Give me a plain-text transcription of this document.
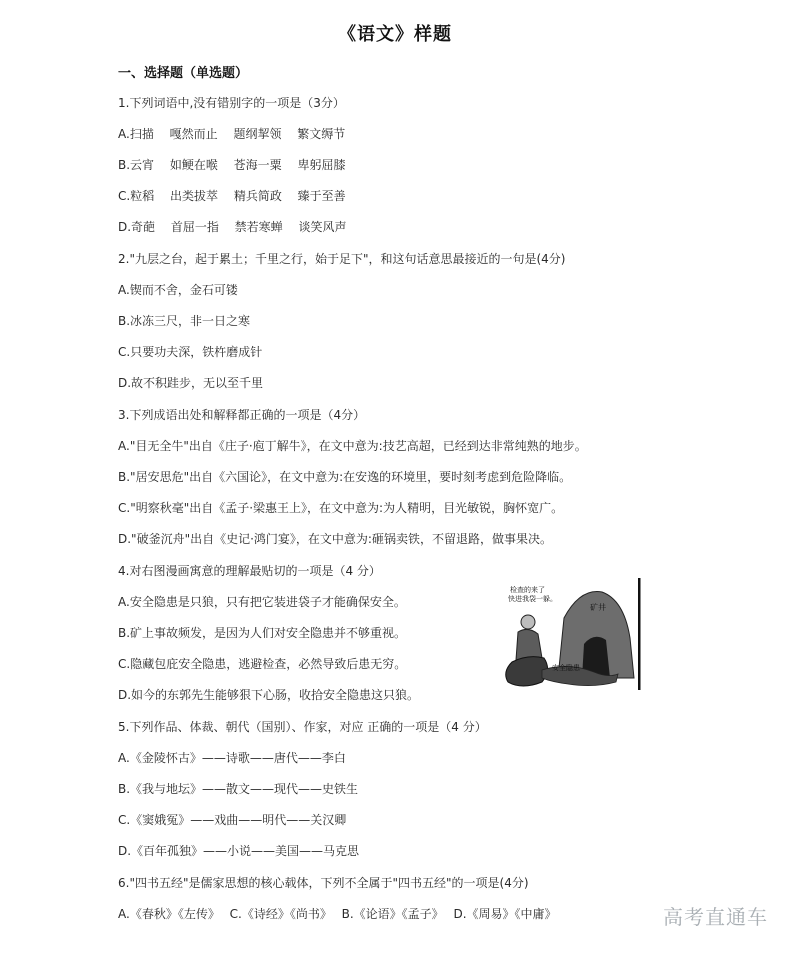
《语文》样题
一、选择题（单选题）
1.下列词语中,没有错别字的一项是（3分）
A.扫描　 嘎然而止　 题纲挈领　 繁文缛节
B.云宵　 如鲠在喉　 苍海一粟　 卑躬屈膝
C.粒稻　 出类拔萃　 精兵简政　 臻于至善
D.奇葩　 首屈一指　 禁若寒蝉　 谈笑风声
2."九层之台，起于累土；千里之行，始于足下"，和这句话意思最接近的一句是(4分)
A.锲而不舍，金石可镂
B.冰冻三尺，非一日之寒
C.只要功夫深，铁杵磨成针
D.故不积跬步，无以至千里
3.下列成语出处和解释都正确的一项是（4分）
A."目无全牛"出自《庄子·庖丁解牛》，在文中意为:技艺高超，已经到达非常纯熟的地步。
B."居安思危"出自《六国论》，在文中意为:在安逸的环境里，要时刻考虑到危险降临。
C."明察秋毫"出自《孟子·梁惠王上》，在文中意为:为人精明，目光敏锐，胸怀宽广。
D."破釜沉舟"出自《史记·鸿门宴》，在文中意为:砸锅卖铁，不留退路，做事果决。
4.对右图漫画寓意的理解最贴切的一项是（4 分）
A.安全隐患是只狼，只有把它装进袋子才能确保安全。
B.矿上事故频发，是因为人们对安全隐患并不够重视。
C.隐藏包庇安全隐患，逃避检查，必然导致后患无穷。
D.如今的东郭先生能够狠下心肠，收拾安全隐患这只狼。
矿井
安全隐患
检查的来了 快进我袋一躲。
5.下列作品、体裁、朝代（国别）、作家，对应 正确的一项是（4 分）
A.《金陵怀古》——诗歌——唐代——李白
B.《我与地坛》——散文——现代——史铁生
C.《窦娥冤》——戏曲——明代——关汉卿
D.《百年孤独》——小说——美国——马克思
6."四书五经"是儒家思想的核心载体，下列不全属于"四书五经"的一项是(4分)
A.《春秋》《左传》　 C.《诗经》《尚书》　 B.《论语》《孟子》　 D.《周易》《中庸》	高考直通车
